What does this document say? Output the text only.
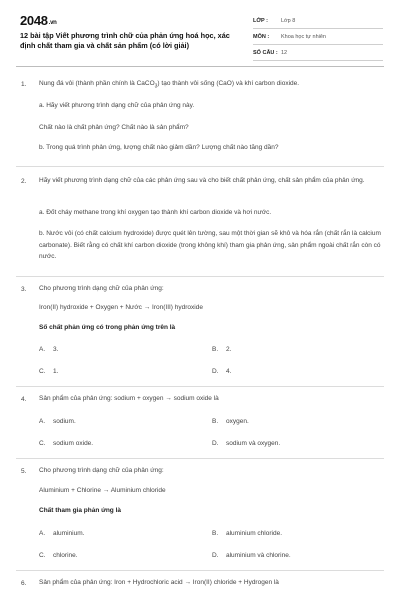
2048.vn
12 bài tập Viết phương trình chữ của phản ứng hoá học, xác định chất tham gia và chất sản phẩm (có lời giải)
LỚP :	Lớp 8
MÔN :	Khoa học tự nhiên
SỐ CÂU : 12
1. Nung đá vôi (thành phần chính là CaCO$_3$) tạo thành vôi sống (CaO) và khí carbon dioxide.
a. Hãy viết phương trình dạng chữ của phản ứng này.
Chất nào là chất phản ứng? Chất nào là sản phẩm?
b. Trong quá trình phản ứng, lượng chất nào giảm dần? Lượng chất nào tăng dần?
2. Hãy viết phương trình dạng chữ của các phản ứng sau và cho biết chất phản ứng, chất sản phẩm của phản ứng.
a. Đốt cháy methane trong khí oxygen tạo thành khí carbon dioxide và hơi nước.
b. Nước vôi (có chất calcium hydroxide) được quét lên tường, sau một thời gian sẽ khô và hóa rắn (chất rắn là calcium carbonate). Biết rằng có chất khí carbon dioxide (trong không khí) tham gia phản ứng, sản phẩm ngoài chất rắn còn có nước.
3. Cho phương trình dạng chữ của phản ứng:
Iron(II) hydroxide + Oxygen + Nước → Iron(III) hydroxide
Số chất phản ứng có trong phản ứng trên là
A. 3.	B. 2.
C. 1.	D. 4.
4. Sản phẩm của phản ứng: sodium + oxygen → sodium oxide là
A. sodium.	B. oxygen.
C. sodium oxide.	D. sodium và oxygen.
5. Cho phương trình dạng chữ của phản ứng:
Aluminium + Chlorine → Aluminium chloride
Chất tham gia phản ứng là
A. aluminium.	B. aluminium chloride.
C. chlorine.	D. aluminium và chlorine.
6. Sản phẩm của phản ứng: Iron + Hydrochloric acid → Iron(II) chloride + Hydrogen là
